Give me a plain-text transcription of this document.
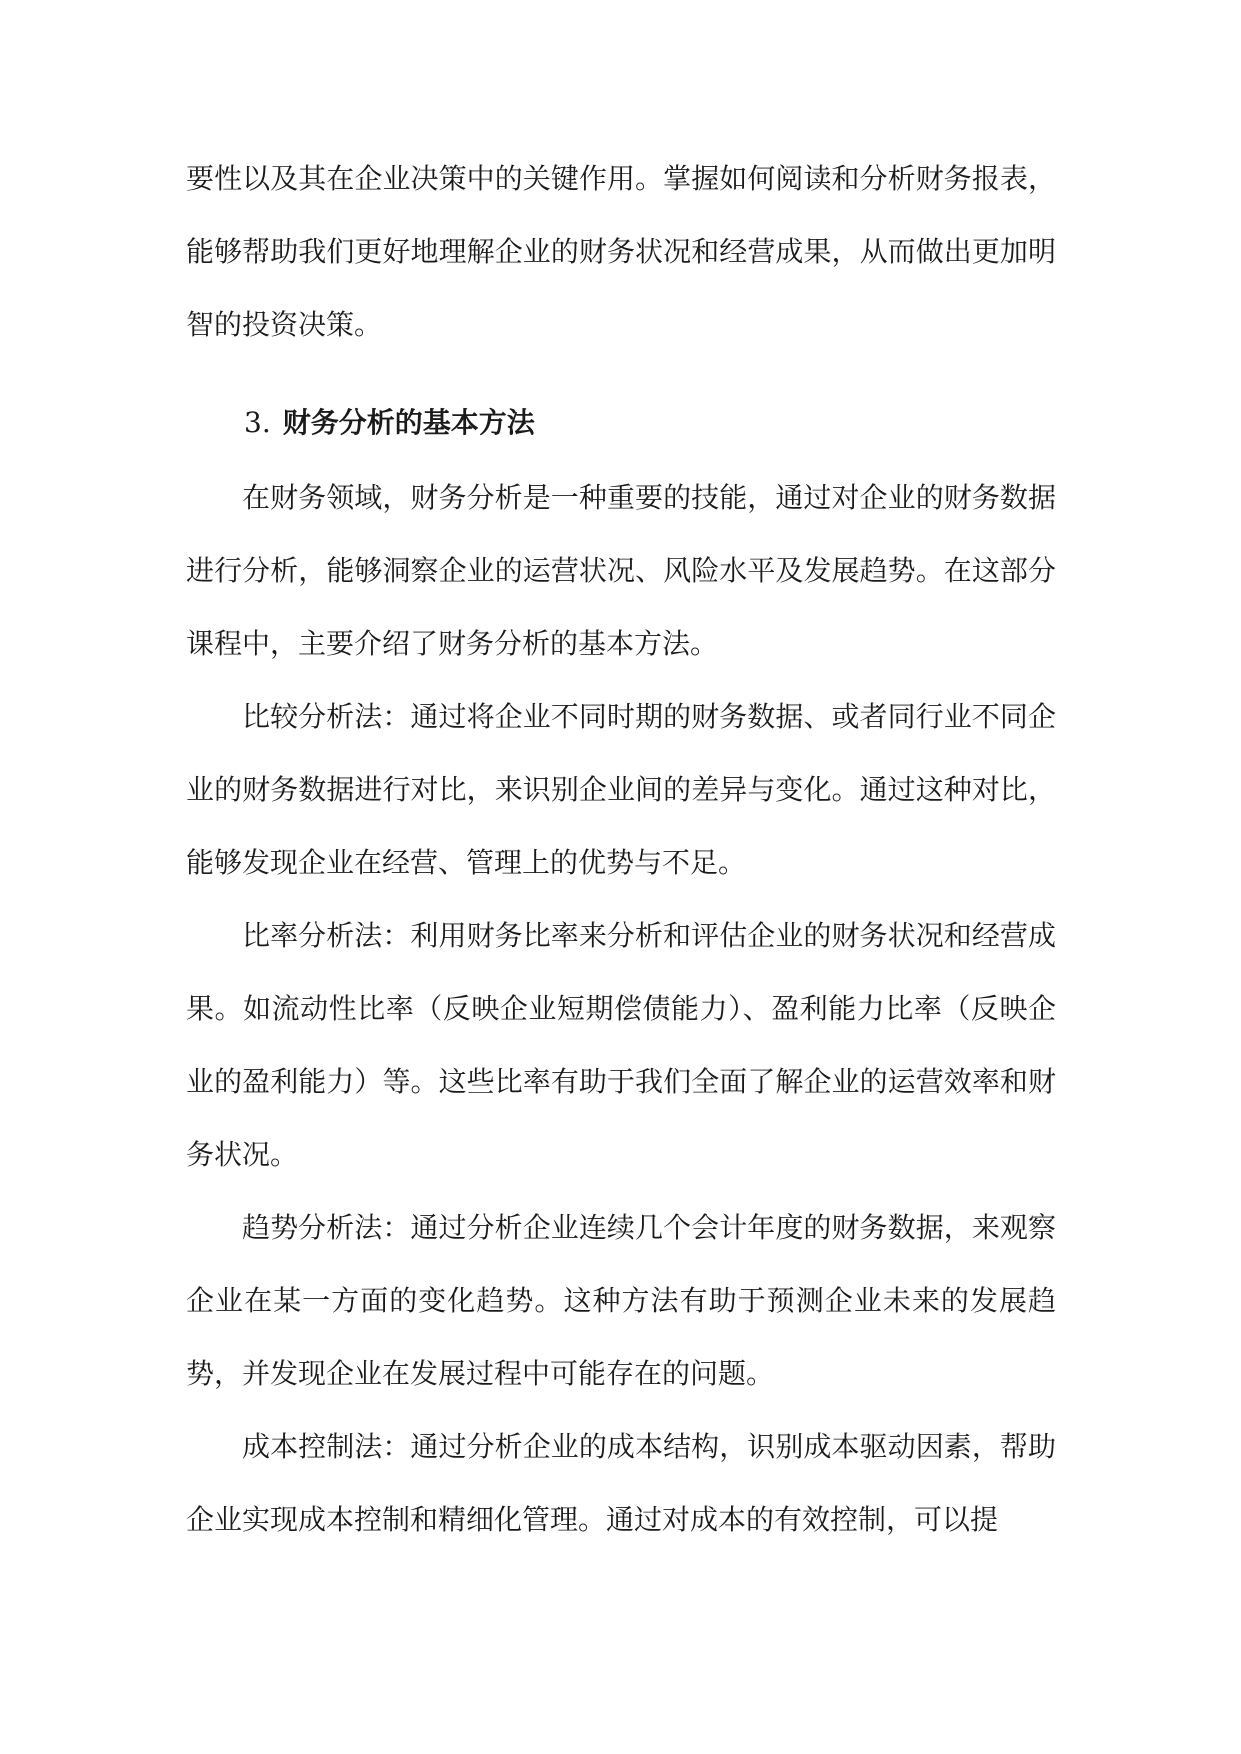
要性以及其在企业决策中的关键作用。掌握如何阅读和分析财务报表，能够帮助我们更好地理解企业的财务状况和经营成果，从而做出更加明智的投资决策。

3. 财务分析的基本方法

在财务领域，财务分析是一种重要的技能，通过对企业的财务数据进行分析，能够洞察企业的运营状况、风险水平及发展趋势。在这部分课程中，主要介绍了财务分析的基本方法。

比较分析法：通过将企业不同时期的财务数据、或者同行业不同企业的财务数据进行对比，来识别企业间的差异与变化。通过这种对比，能够发现企业在经营、管理上的优势与不足。

比率分析法：利用财务比率来分析和评估企业的财务状况和经营成果。如流动性比率（反映企业短期偿债能力）、盈利能力比率（反映企业的盈利能力）等。这些比率有助于我们全面了解企业的运营效率和财务状况。

趋势分析法：通过分析企业连续几个会计年度的财务数据，来观察企业在某一方面的变化趋势。这种方法有助于预测企业未来的发展趋势，并发现企业在发展过程中可能存在的问题。

成本控制法：通过分析企业的成本结构，识别成本驱动因素，帮助企业实现成本控制和精细化管理。通过对成本的有效控制，可以提
